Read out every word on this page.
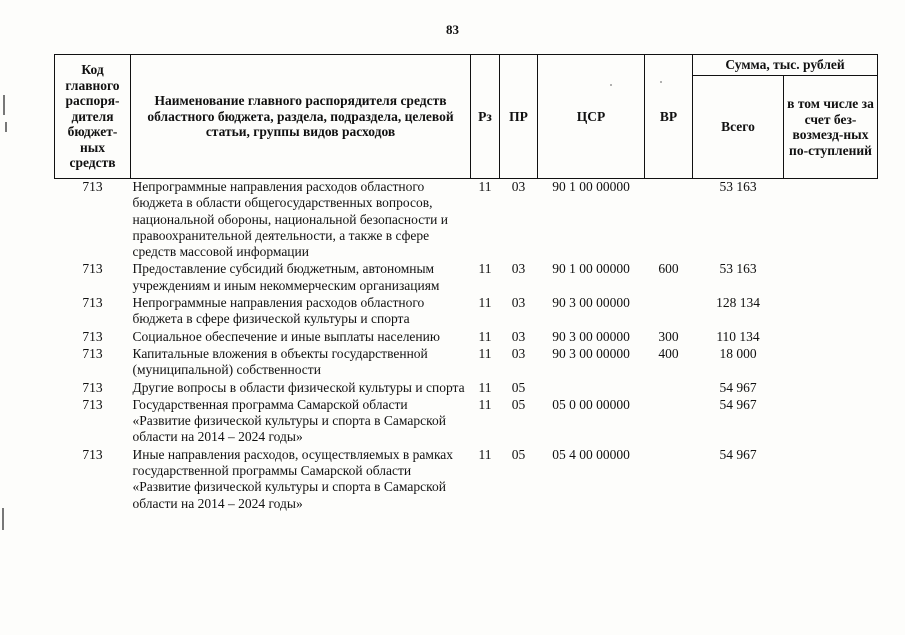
83
Код главного распоря-дителя бюджет-ных средств	Наименование главного распорядителя средств областного бюджета, раздела, подраздела, целевой статьи, группы видов расходов	Рз	ПР	ЦСР	ВР	Сумма, тыс. рублей	
						Всего	в том числе за счет без-возмезд-ных по-ступлений
713	Непрограммные направления расходов областного бюджета в области общегосударственных вопросов, национальной обороны, национальной безопасности и правоохранительной деятельности, а также в сфере средств массовой информации	11	03	90 1 00 00000		53 163	
713	Предоставление субсидий бюджетным, автономным учреждениям и иным некоммерческим организациям	11	03	90 1 00 00000	600	53 163	
713	Непрограммные направления расходов областного бюджета в сфере физической культуры и спорта	11	03	90 3 00 00000		128 134	
713	Социальное обеспечение и иные выплаты населению	11	03	90 3 00 00000	300	110 134	
713	Капитальные вложения в объекты государственной (муниципальной) собственности	11	03	90 3 00 00000	400	18 000	
713	Другие вопросы в области физической культуры и спорта	11	05			54 967	
713	Государственная программа Самарской области «Развитие физической культуры и спорта в Самарской области на 2014 – 2024 годы»	11	05	05 0 00 00000		54 967	
713	Иные направления расходов, осуществляемых в рамках государственной программы Самарской области «Развитие физической культуры и спорта в Самарской области на 2014 – 2024 годы»	11	05	05 4 00 00000		54 967	
